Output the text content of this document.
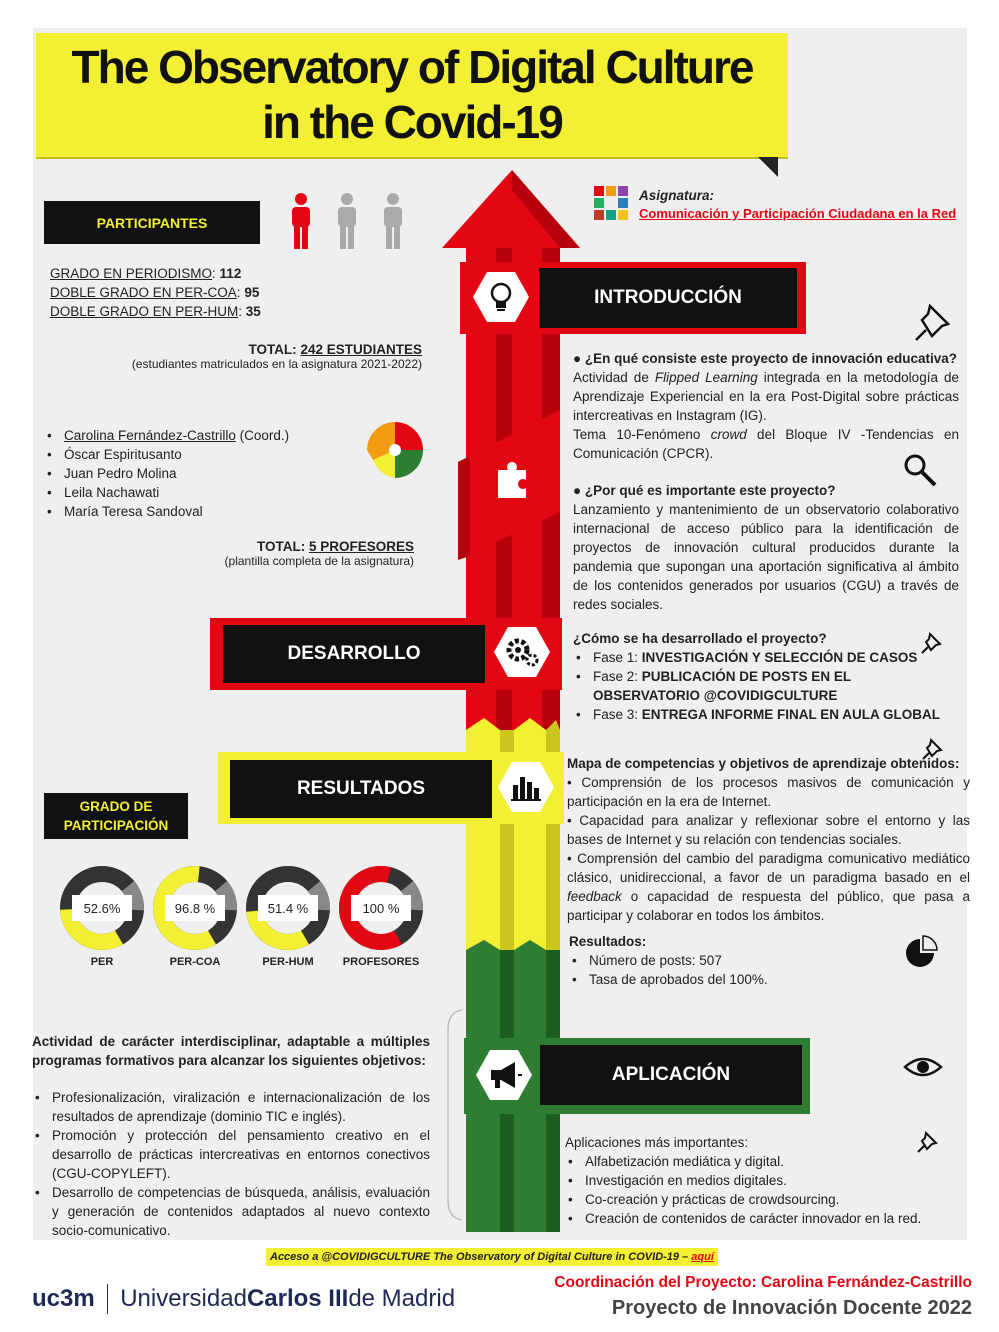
The Observatory of Digital Culture
in the Covid-19
Asignatura:
Comunicación y Participación Ciudadana en la Red
PARTICIPANTES
GRADO EN PERIODISMO: 112
DOBLE GRADO EN PER-COA: 95
DOBLE GRADO EN PER-HUM: 35
TOTAL: 242 ESTUDIANTES
(estudiantes matriculados en la asignatura 2021-2022)
• Carolina Fernández-Castrillo (Coord.)
• Óscar Espiritusanto
• Juan Pedro Molina
• Leila Nachawati
• María Teresa Sandoval
TOTAL: 5 PROFESORES
(plantilla completa de la asignatura)
INTRODUCCIÓN
DESARROLLO
RESULTADOS
APLICACIÓN
● ¿En qué consiste este proyecto de innovación educativa?
Actividad de Flipped Learning integrada en la metodología de Aprendizaje Experiencial en la era Post-Digital sobre prácticas intercreativas en Instagram (IG).
Tema 10-Fenómeno crowd del Bloque IV -Tendencias en Comunicación (CPCR).
● ¿Por qué es importante este proyecto?
Lanzamiento y mantenimiento de un observatorio colaborativo internacional de acceso público para la identificación de proyectos de innovación cultural producidos durante la pandemia que supongan una aportación significativa al ámbito de los contenidos generados por usuarios (CGU) a través de redes sociales.
¿Cómo se ha desarrollado el proyecto?
• Fase 1: INVESTIGACIÓN Y SELECCIÓN DE CASOS
• Fase 2: PUBLICACIÓN DE POSTS EN EL OBSERVATORIO @COVIDIGCULTURE
• Fase 3: ENTREGA INFORME FINAL EN AULA GLOBAL
Mapa de competencias y objetivos de aprendizaje obtenidos:
• Comprensión de los procesos masivos de comunicación y participación en la era de Internet.
• Capacidad para analizar y reflexionar sobre el entorno y las bases de Internet y su relación con tendencias sociales.
• Comprensión del cambio del paradigma comunicativo mediático clásico, unidireccional, a favor de un paradigma basado en el feedback o capacidad de respuesta del público, que pasa a participar y colaborar en todos los ámbitos.
Resultados:
• Número de posts: 507
• Tasa de aprobados del 100%.
GRADO DE PARTICIPACIÓN
52.6%
PER
96.8 %
PER-COA
51.4 %
PER-HUM
100 %
PROFESORES
Actividad de carácter interdisciplinar, adaptable a múltiples programas formativos para alcanzar los siguientes objetivos:
• Profesionalización, viralización e internacionalización de los resultados de aprendizaje (dominio TIC e inglés).
• Promoción y protección del pensamiento creativo en el desarrollo de prácticas intercreativas en entornos conectivos (CGU-COPYLEFT).
• Desarrollo de competencias de búsqueda, análisis, evaluación y generación de contenidos adaptados al nuevo contexto socio-comunicativo.
Aplicaciones más importantes:
• Alfabetización mediática y digital.
• Investigación en medios digitales.
• Co-creación y prácticas de crowdsourcing.
• Creación de contenidos de carácter innovador en la red.
Acceso a @COVIDIGCULTURE The Observatory of Digital Culture in COVID-19 – aquí
uc3m Universidad Carlos III de Madrid
Coordinación del Proyecto: Carolina Fernández-Castrillo
Proyecto de Innovación Docente 2022
